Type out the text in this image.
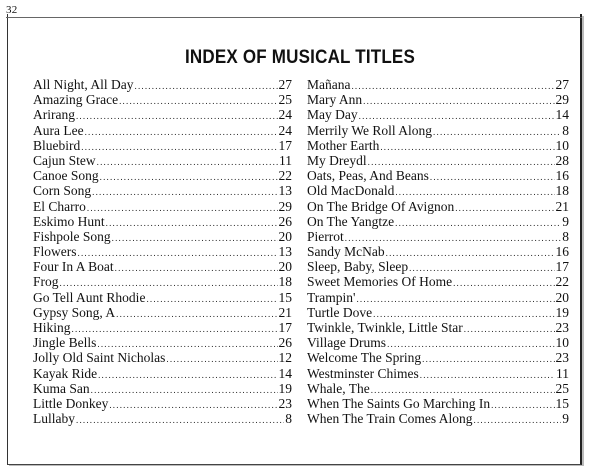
32
INDEX OF MUSICAL TITLES
All Night, All Day .....	27
Amazing Grace .....	25
Arirang .....	24
Aura Lee .....	24
Bluebird .....	17
Cajun Stew .....	11
Canoe Song .....	22
Corn Song .....	13
El Charro .....	29
Eskimo Hunt .....	26
Fishpole Song .....	20
Flowers .....	13
Four In A Boat .....	20
Frog .....	18
Go Tell Aunt Rhodie .....	15
Gypsy Song, A .....	21
Hiking .....	17
Jingle Bells .....	26
Jolly Old Saint Nicholas .....	12
Kayak Ride .....	14
Kuma San .....	19
Little Donkey .....	23
Lullaby .....	8
Mañana .....	27
Mary Ann .....	29
May Day .....	14
Merrily We Roll Along .....	8
Mother Earth .....	10
My Dreydl .....	28
Oats, Peas, And Beans .....	16
Old MacDonald .....	18
On The Bridge Of Avignon .....	21
On The Yangtze .....	9
Pierrot .....	8
Sandy McNab .....	16
Sleep, Baby, Sleep .....	17
Sweet Memories Of Home .....	22
Trampin' .....	20
Turtle Dove .....	19
Twinkle, Twinkle, Little Star .....	23
Village Drums .....	10
Welcome The Spring .....	23
Westminster Chimes .....	11
Whale, The .....	25
When The Saints Go Marching In .....	15
When The Train Comes Along .....	9
